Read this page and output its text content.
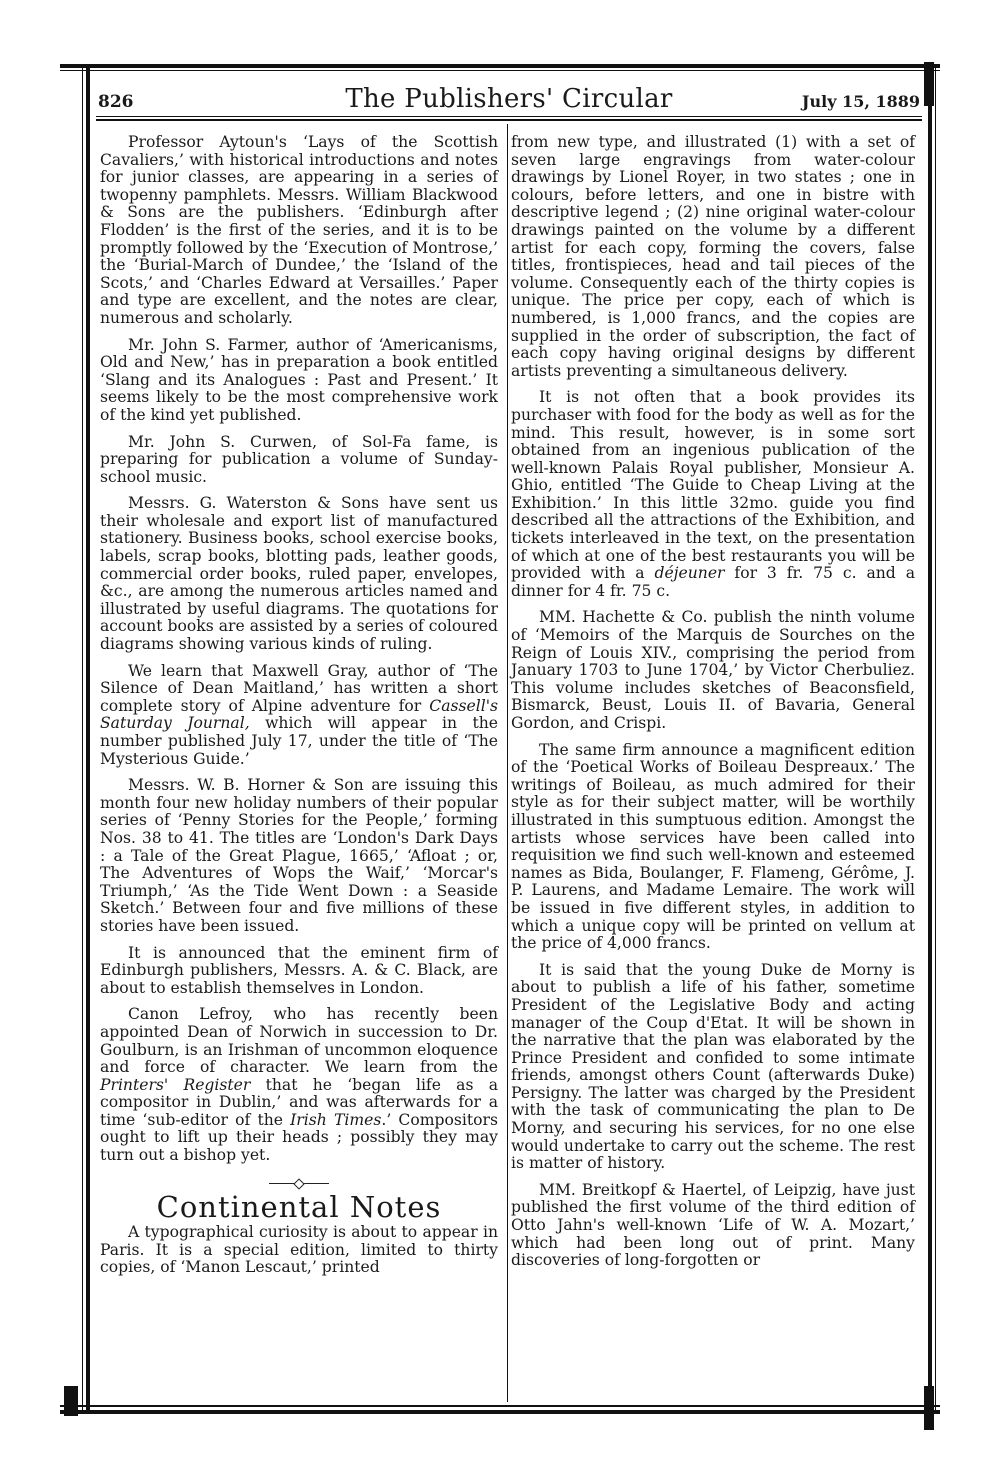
826	The Publishers' Circular	July 15, 1889

Professor Aytoun's ‘Lays of the Scottish Cavaliers,’ with historical introductions and notes for junior classes, are appearing in a series of twopenny pamphlets. Messrs. William Blackwood & Sons are the publishers. ‘Edinburgh after Flodden’ is the first of the series, and it is to be promptly followed by the ‘Execution of Montrose,’ the ‘Burial-March of Dundee,’ the ‘Island of the Scots,’ and ‘Charles Edward at Versailles.’ Paper and type are excellent, and the notes are clear, numerous and scholarly.

Mr. John S. Farmer, author of ‘Americanisms, Old and New,’ has in preparation a book entitled ‘Slang and its Analogues : Past and Present.’ It seems likely to be the most comprehensive work of the kind yet published.

Mr. John S. Curwen, of Sol-Fa fame, is preparing for publication a volume of Sunday-school music.

Messrs. G. Waterston & Sons have sent us their wholesale and export list of manufactured stationery. Business books, school exercise books, labels, scrap books, blotting pads, leather goods, commercial order books, ruled paper, envelopes, &c., are among the numerous articles named and illustrated by useful diagrams. The quotations for account books are assisted by a series of coloured diagrams showing various kinds of ruling.

We learn that Maxwell Gray, author of ‘The Silence of Dean Maitland,’ has written a short complete story of Alpine adventure for Cassell's Saturday Journal, which will appear in the number published July 17, under the title of ‘The Mysterious Guide.’

Messrs. W. B. Horner & Son are issuing this month four new holiday numbers of their popular series of ‘Penny Stories for the People,’ forming Nos. 38 to 41. The titles are ‘London's Dark Days : a Tale of the Great Plague, 1665,’ ‘Afloat ; or, The Adventures of Wops the Waif,’ ‘Morcar's Triumph,’ ‘As the Tide Went Down : a Seaside Sketch.’ Between four and five millions of these stories have been issued.

It is announced that the eminent firm of Edinburgh publishers, Messrs. A. & C. Black, are about to establish themselves in London.

Canon Lefroy, who has recently been appointed Dean of Norwich in succession to Dr. Goulburn, is an Irishman of uncommon eloquence and force of character. We learn from the Printers' Register that he ‘began life as a compositor in Dublin,’ and was afterwards for a time ‘sub-editor of the Irish Times.’ Compositors ought to lift up their heads ; possibly they may turn out a bishop yet.

Continental Notes

A typographical curiosity is about to appear in Paris. It is a special edition, limited to thirty copies, of ‘Manon Lescaut,’ printed

from new type, and illustrated (1) with a set of seven large engravings from water-colour drawings by Lionel Royer, in two states ; one in colours, before letters, and one in bistre with descriptive legend ; (2) nine original water-colour drawings painted on the volume by a different artist for each copy, forming the covers, false titles, frontispieces, head and tail pieces of the volume. Consequently each of the thirty copies is unique. The price per copy, each of which is numbered, is 1,000 francs, and the copies are supplied in the order of subscription, the fact of each copy having original designs by different artists preventing a simultaneous delivery.

It is not often that a book provides its purchaser with food for the body as well as for the mind. This result, however, is in some sort obtained from an ingenious publication of the well-known Palais Royal publisher, Monsieur A. Ghio, entitled ‘The Guide to Cheap Living at the Exhibition.’ In this little 32mo. guide you find described all the attractions of the Exhibition, and tickets interleaved in the text, on the presentation of which at one of the best restaurants you will be provided with a déjeuner for 3 fr. 75 c. and a dinner for 4 fr. 75 c.

MM. Hachette & Co. publish the ninth volume of ‘Memoirs of the Marquis de Sourches on the Reign of Louis XIV., comprising the period from January 1703 to June 1704,’ by Victor Cherbuliez. This volume includes sketches of Beaconsfield, Bismarck, Beust, Louis II. of Bavaria, General Gordon, and Crispi.

The same firm announce a magnificent edition of the ‘Poetical Works of Boileau Despreaux.’ The writings of Boileau, as much admired for their style as for their subject matter, will be worthily illustrated in this sumptuous edition. Amongst the artists whose services have been called into requisition we find such well-known and esteemed names as Bida, Boulanger, F. Flameng, Gérôme, J. P. Laurens, and Madame Lemaire. The work will be issued in five different styles, in addition to which a unique copy will be printed on vellum at the price of 4,000 francs.

It is said that the young Duke de Morny is about to publish a life of his father, sometime President of the Legislative Body and acting manager of the Coup d'Etat. It will be shown in the narrative that the plan was elaborated by the Prince President and confided to some intimate friends, amongst others Count (afterwards Duke) Persigny. The latter was charged by the President with the task of communicating the plan to De Morny, and securing his services, for no one else would undertake to carry out the scheme. The rest is matter of history.

MM. Breitkopf & Haertel, of Leipzig, have just published the first volume of the third edition of Otto Jahn's well-known ‘Life of W. A. Mozart,’ which had been long out of print. Many discoveries of long-forgotten or
